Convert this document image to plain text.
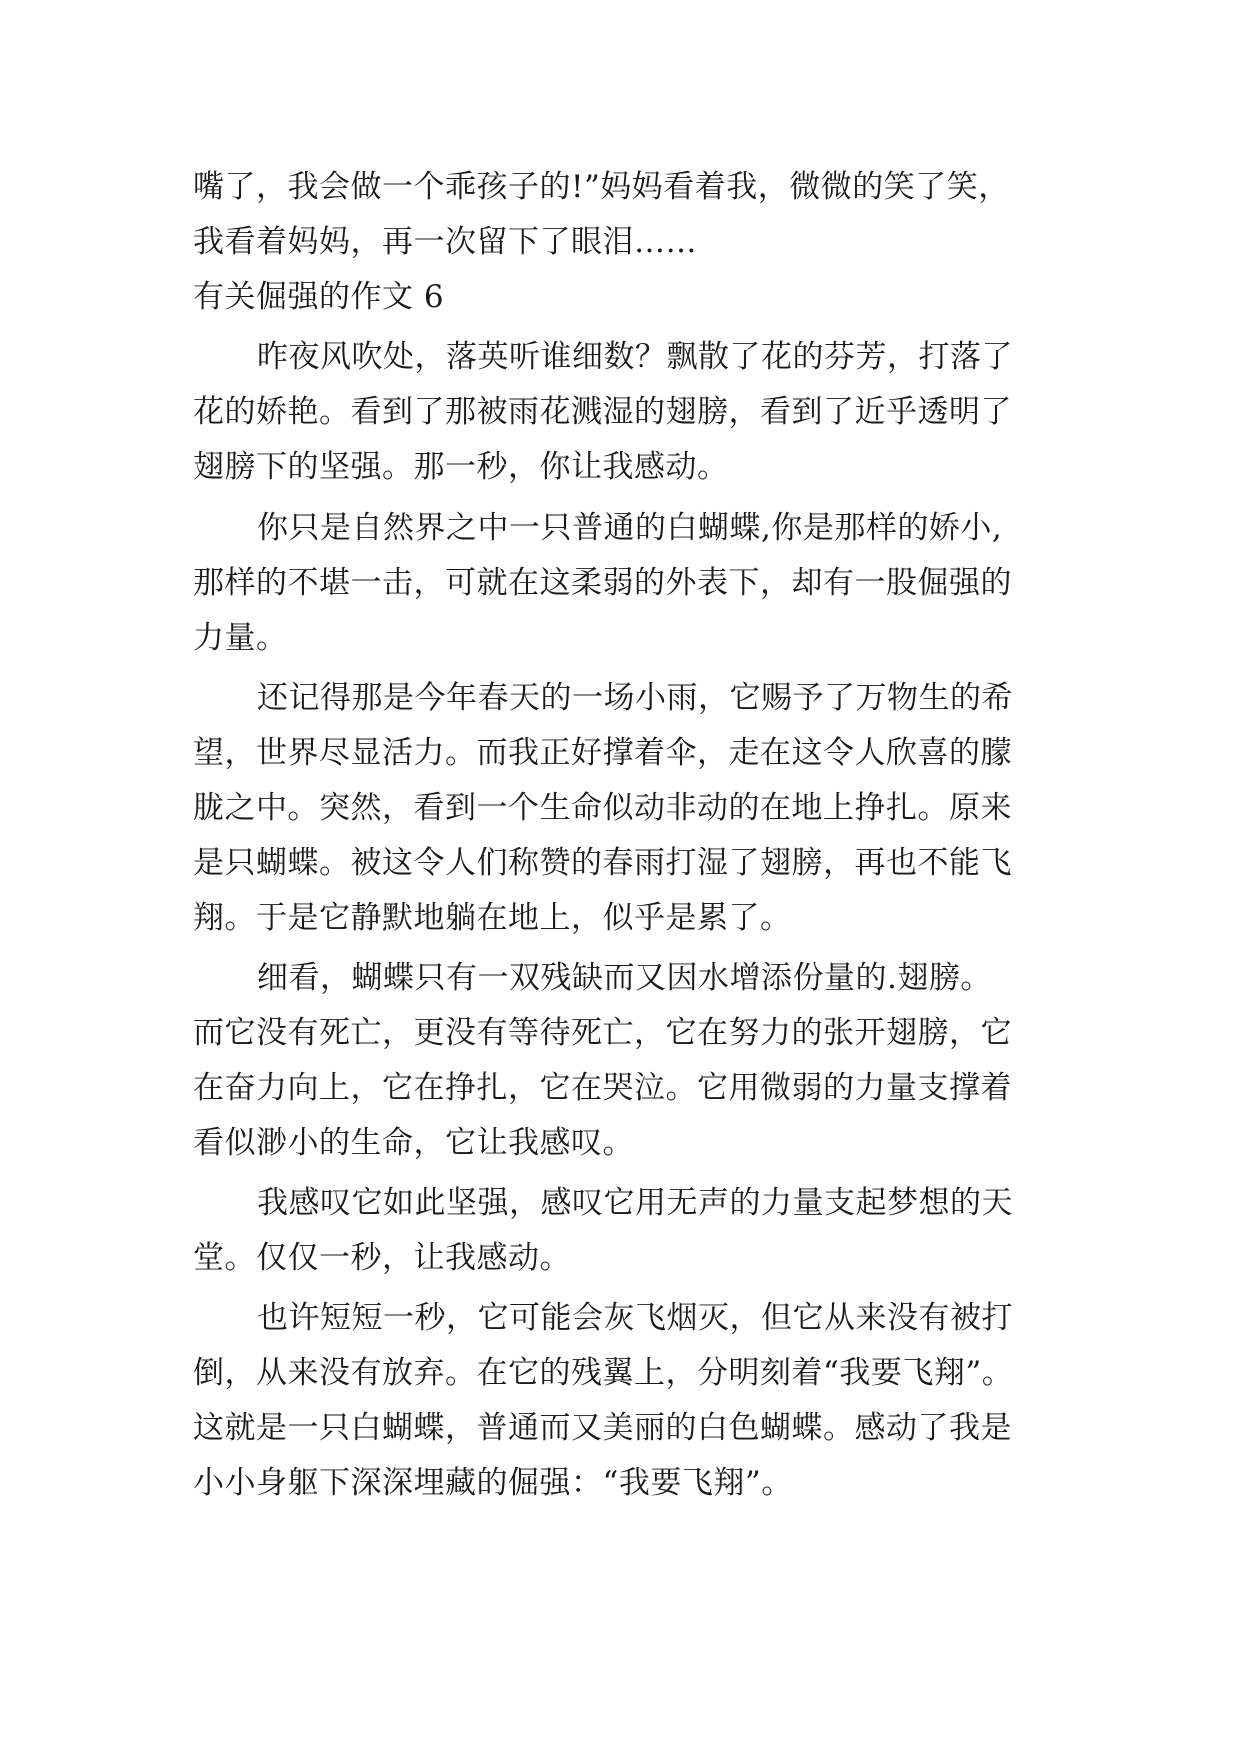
嘴了，我会做一个乖孩子的!”妈妈看着我，微微的笑了笑，
我看着妈妈，再一次留下了眼泪……
有关倔强的作文 6
昨夜风吹处，落英听谁细数？飘散了花的芬芳，打落了
花的娇艳。看到了那被雨花溅湿的翅膀，看到了近乎透明了
翅膀下的坚强。那一秒，你让我感动。
你只是自然界之中一只普通的白蝴蝶,你是那样的娇小,
那样的不堪一击，可就在这柔弱的外表下，却有一股倔强的
力量。
还记得那是今年春天的一场小雨，它赐予了万物生的希
望，世界尽显活力。而我正好撑着伞，走在这令人欣喜的朦
胧之中。突然，看到一个生命似动非动的在地上挣扎。原来
是只蝴蝶。被这令人们称赞的春雨打湿了翅膀，再也不能飞
翔。于是它静默地躺在地上，似乎是累了。
细看，蝴蝶只有一双残缺而又因水增添份量的.翅膀。
而它没有死亡，更没有等待死亡，它在努力的张开翅膀，它
在奋力向上，它在挣扎，它在哭泣。它用微弱的力量支撑着
看似渺小的生命，它让我感叹。
我感叹它如此坚强，感叹它用无声的力量支起梦想的天
堂。仅仅一秒，让我感动。
也许短短一秒，它可能会灰飞烟灭，但它从来没有被打
倒，从来没有放弃。在它的残翼上，分明刻着“我要飞翔”。
这就是一只白蝴蝶，普通而又美丽的白色蝴蝶。感动了我是
小小身躯下深深埋藏的倔强：“我要飞翔”。
